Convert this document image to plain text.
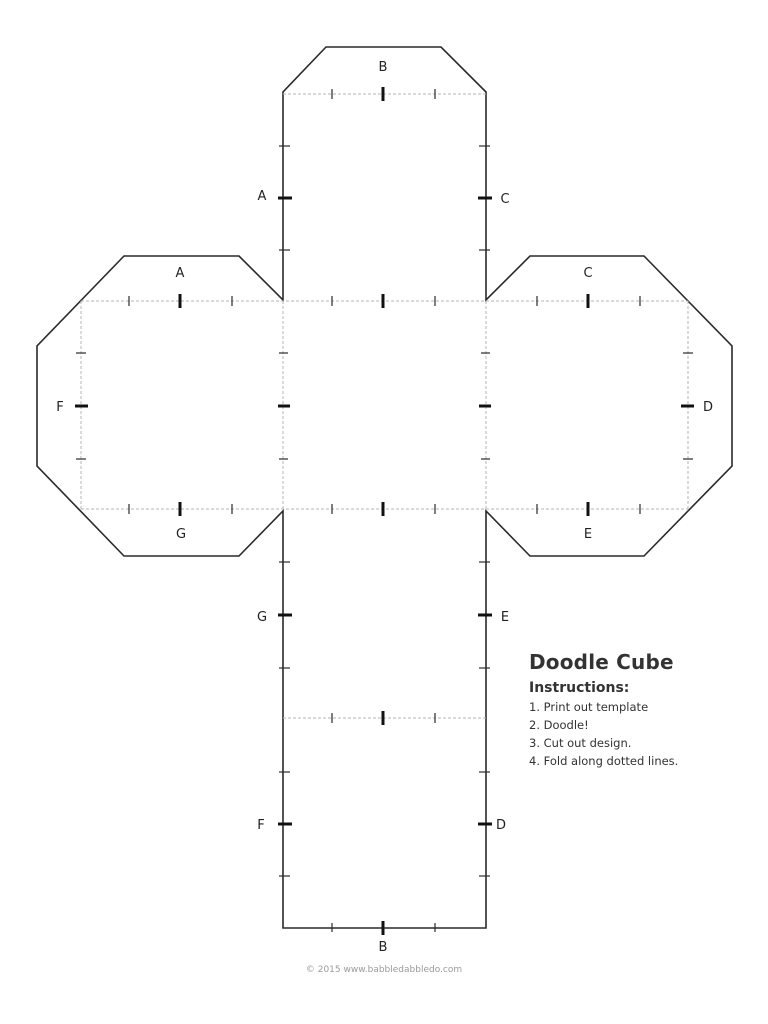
B
A	C
A	C
F	D
G	E
G	E
F	D
B
Doodle Cube
Instructions:
1. Print out template
2. Doodle!
3. Cut out design.
4. Fold along dotted lines.
© 2015 www.babbledabbledo.com
